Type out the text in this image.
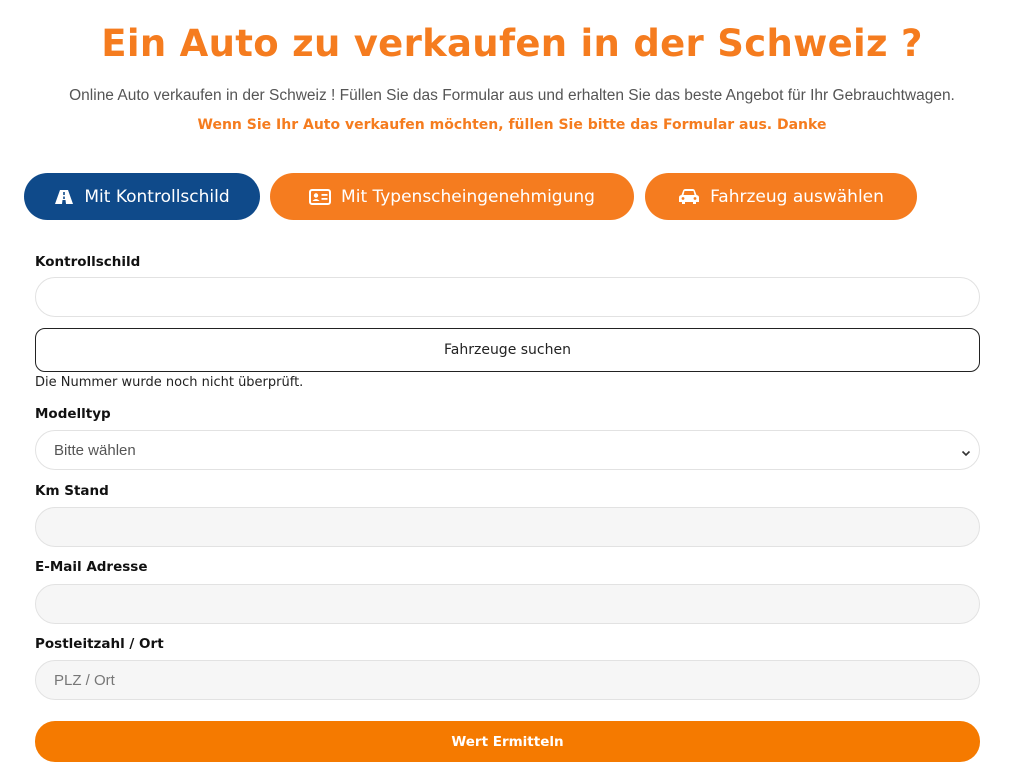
Ein Auto zu verkaufen in der Schweiz ?
Online Auto verkaufen in der Schweiz ! Füllen Sie das Formular aus und erhalten Sie das beste Angebot für Ihr Gebrauchtwagen.
Wenn Sie Ihr Auto verkaufen möchten, füllen Sie bitte das Formular aus. Danke
Mit Kontrollschild	Mit Typenscheingenehmigung	Fahrzeug auswählen
Kontrollschild
Fahrzeuge suchen
Die Nummer wurde noch nicht überprüft.
Modelltyp
Bitte wählen
Km Stand
E-Mail Adresse
Postleitzahl / Ort
PLZ / Ort
Wert Ermitteln
